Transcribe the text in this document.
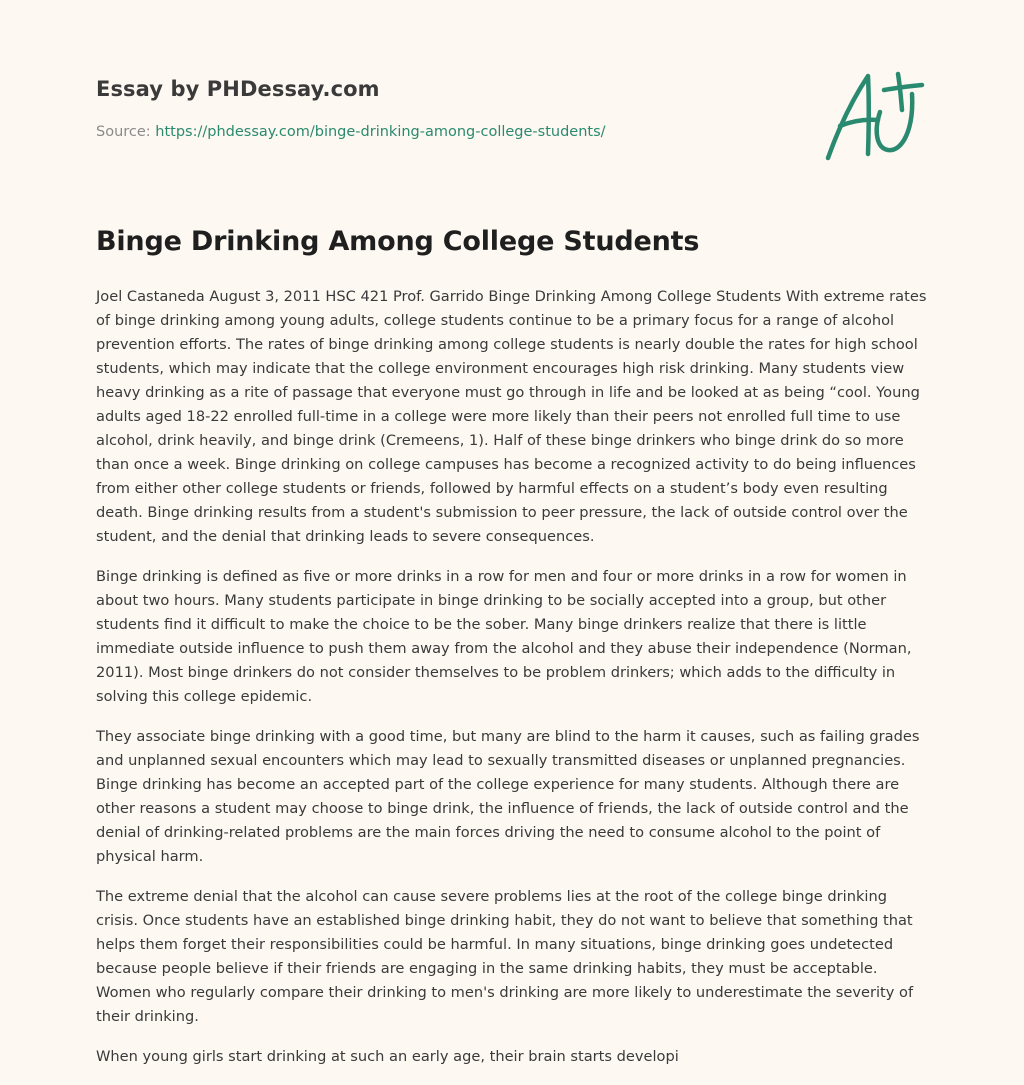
Essay by PHDessay.com
Source: https://phdessay.com/binge-drinking-among-college-students/
Binge Drinking Among College Students

Joel Castaneda August 3, 2011 HSC 421 Prof. Garrido Binge Drinking Among College Students With extreme rates of binge drinking among young adults, college students continue to be a primary focus for a range of alcohol prevention efforts. The rates of binge drinking among college students is nearly double the rates for high school students, which may indicate that the college environment encourages high risk drinking. Many students view heavy drinking as a rite of passage that everyone must go through in life and be looked at as being “cool. Young adults aged 18-22 enrolled full-time in a college were more likely than their peers not enrolled full time to use alcohol, drink heavily, and binge drink (Cremeens, 1). Half of these binge drinkers who binge drink do so more than once a week. Binge drinking on college campuses has become a recognized activity to do being influences from either other college students or friends, followed by harmful effects on a student’s body even resulting death. Binge drinking results from a student's submission to peer pressure, the lack of outside control over the student, and the denial that drinking leads to severe consequences.

Binge drinking is defined as five or more drinks in a row for men and four or more drinks in a row for women in about two hours. Many students participate in binge drinking to be socially accepted into a group, but other students find it difficult to make the choice to be the sober. Many binge drinkers realize that there is little immediate outside influence to push them away from the alcohol and they abuse their independence (Norman, 2011). Most binge drinkers do not consider themselves to be problem drinkers; which adds to the difficulty in solving this college epidemic.

They associate binge drinking with a good time, but many are blind to the harm it causes, such as failing grades and unplanned sexual encounters which may lead to sexually transmitted diseases or unplanned pregnancies. Binge drinking has become an accepted part of the college experience for many students. Although there are other reasons a student may choose to binge drink, the influence of friends, the lack of outside control and the denial of drinking-related problems are the main forces driving the need to consume alcohol to the point of physical harm.

The extreme denial that the alcohol can cause severe problems lies at the root of the college binge drinking crisis. Once students have an established binge drinking habit, they do not want to believe that something that helps them forget their responsibilities could be harmful. In many situations, binge drinking goes undetected because people believe if their friends are engaging in the same drinking habits, they must be acceptable. Women who regularly compare their drinking to men's drinking are more likely to underestimate the severity of their drinking.

When young girls start drinking at such an early age, their brain starts developi
